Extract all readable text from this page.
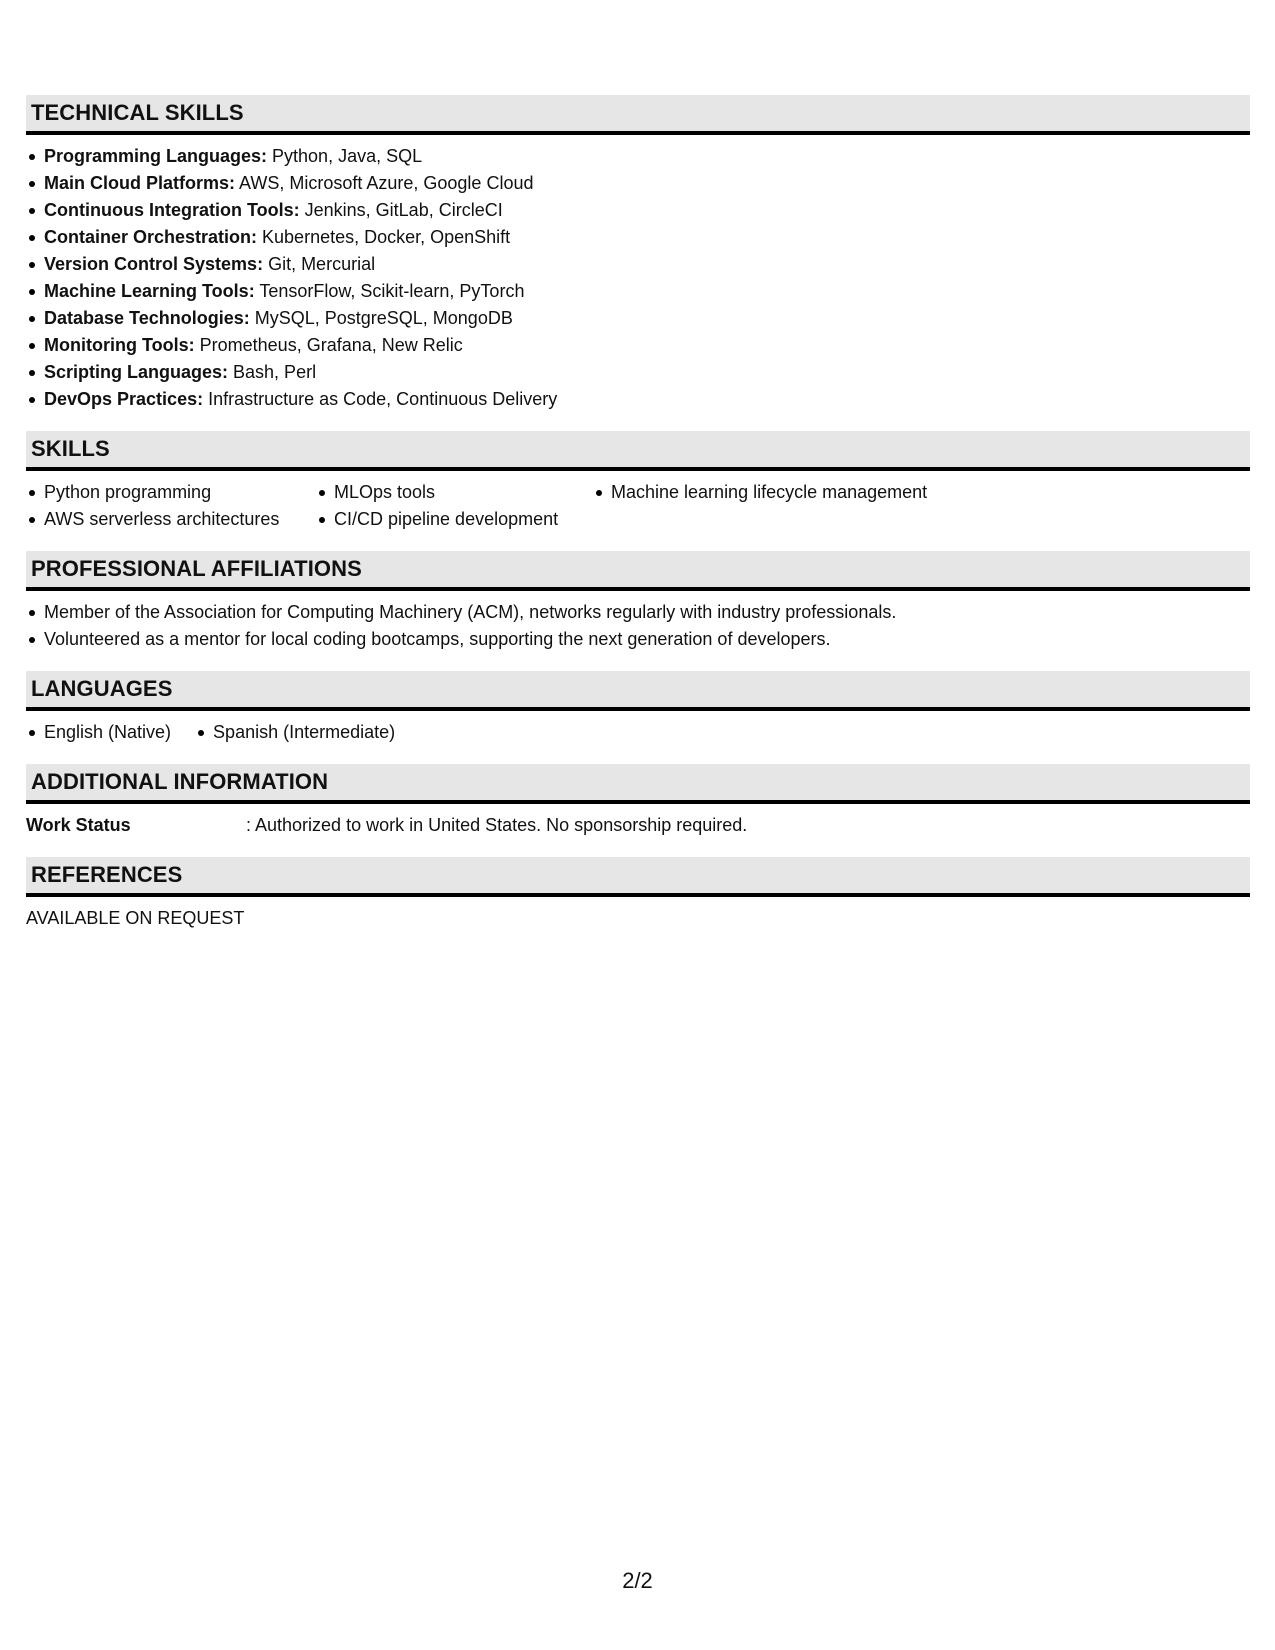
TECHNICAL SKILLS
Programming Languages: Python, Java, SQL
Main Cloud Platforms: AWS, Microsoft Azure, Google Cloud
Continuous Integration Tools: Jenkins, GitLab, CircleCI
Container Orchestration: Kubernetes, Docker, OpenShift
Version Control Systems: Git, Mercurial
Machine Learning Tools: TensorFlow, Scikit-learn, PyTorch
Database Technologies: MySQL, PostgreSQL, MongoDB
Monitoring Tools: Prometheus, Grafana, New Relic
Scripting Languages: Bash, Perl
DevOps Practices: Infrastructure as Code, Continuous Delivery
SKILLS
Python programming
AWS serverless architectures
MLOps tools
CI/CD pipeline development
Machine learning lifecycle management
PROFESSIONAL AFFILIATIONS
Member of the Association for Computing Machinery (ACM), networks regularly with industry professionals.
Volunteered as a mentor for local coding bootcamps, supporting the next generation of developers.
LANGUAGES
English (Native)	Spanish (Intermediate)
ADDITIONAL INFORMATION
Work Status	: Authorized to work in United States. No sponsorship required.
REFERENCES
AVAILABLE ON REQUEST
2/2
